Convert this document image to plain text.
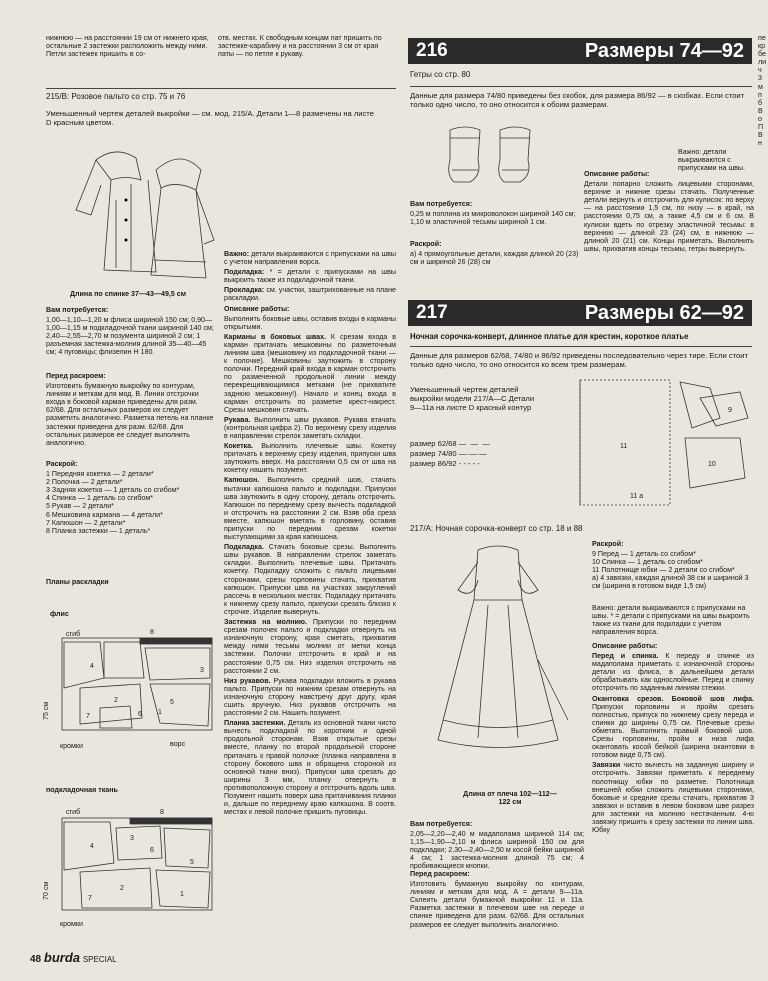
нижнюю — на расстоянии 19 см от нижнего края, остальные 2 застежки расположить между ними. Петли застежек пришить в со-
отв. местах. К свободным концам пат пришить по застежке-карабину и на расстоянии 3 см от края паты — по петле к рукаву.
215/B: Розовое пальто со стр. 75 и 76
Уменьшенный чертеж деталей выкройки — см. мод. 215/A. Детали 1—8 размечены на листе D красным цветом.
Длина по спинке 37—43—49,5 см

Вам потребуется:

1,00—1,10—1,20 м флиса шириной 150 см; 0,90—1,00—1,15 м подкладочной ткани шириной 140 см; 2,40—2,55—2,70 м позумента шириной 2 см; 1 разъемная застежка-молния длиной 35—40—45 см; 4 пуговицы; флизелин Н 180.

Перед раскроем:

Изготовить бумажную выкройку по контурам, линиям и меткам для мод. В. Линии отстрочки входа в боковой карман приведены для разм. 62/68. Для остальных размеров их следует разметить аналогично. Разметка петель на планке застежки приведена для разм. 62/68. Для остальных размеров ее следует выполнить аналогично.

Раскрой:

1 Передняя кокетка — 2 детали*
2 Полочка — 2 детали*
3 Задняя кокетка — 1 деталь со сгибом*
4 Спинка — 1 деталь со сгибом*
5 Рукав — 2 детали*
6 Мешковина кармана — 4 детали*
7 Капюшон — 2 детали*
8 Планка застежки — 1 деталь*
Планы раскладки
флис
сгиб
75 см
8
3
4
2	5
7	6 1
кромки	ворс
подкладочная ткань
сгиб
70 см
8
3
4
6
5
2
7
1
кромки

Важно: детали выкраиваются с припусками на швы с учетом направления ворса.

Подкладка: * = детали с припусками на швы выкроить также из подкладочной ткани.

Прокладка: см. участки, заштрихованные на плане раскладки.

Описание работы:

Выполнить боковые швы, оставив входы в карманы открытыми.

Карманы в боковых швах. К срезам входа в карман притачать мешковины по разметочным линиям шва (мешковину из подкладочной ткани — к полочке). Мешковины заутюжить в сторону полочки. Передний край входа в карман отстрочить по размеченной продольной линии между перекрещивающимися метками (не прихватите заднюю мешковину!). Начало и конец входа в карман отстрочить по разметке крест-накрест. Срезы мешковин стачать.

Рукава. Выполнить швы рукавов. Рукава втачать (контрольная цифра 2). По верхнему срезу изделия в направлении стрелок заметать складки.

Кокетка. Выполнить плечевые швы. Кокетку притачать к верхнему срезу изделия, припуски шва заутюжить вверх. На расстоянии 0,5 см от шва на кокетку нашить позумент.

Капюшон. Выполнить средний шов, стачать вытачки капюшона пальто и подкладки. Припуски шва заутюжить в одну сторону, деталь отстрочить. Капюшон по переднему срезу вычесть подкладкой и отстрочить на расстоянии 2 см. Взяв оба среза вместе, капюшон вметать в горловину, оставив припуски по передним срезам кокетки выступающими за края капюшона.

Подкладка. Стачать боковые срезы. Выполнить швы рукавов. В направлении стрелок заметать складки. Выполнить плечевые швы. Притачать кокетку. Подкладку сложить с пальто лицевыми сторонами, срезы горловины стачать, прихватив капюшон. Припуски шва на участках закруглений рассечь в нескольких местах. Подкладку притачать к нижнему срезу пальто, припуски срезать близко к строчке. Изделие вывернуть.

Застежка на молнию. Припуски по передним срезам полочек пальто и подкладки отвернуть на изнаночную сторону, края сметать, прихватив между ними тесьмы молнии от метки конца застежки. Полочки отстрочить в край и на расстоянии 0,75 см. Низ изделия отстрочить на расстоянии 2 см.

Низ рукавов. Рукава подкладки вложить в рукава пальто. Припуски по нижним срезам отвернуть на изнаночную сторону навстречу друг другу, края сшить вручную. Низ рукавов отстрочить на расстоянии 2 см. Нашить позумент.

Планка застежки. Деталь из основной ткани чисто вычесть подкладкой по коротким и одной продольной сторонам. Взяв открытые срезы вместе, планку по второй продольной стороне притачать к правой полочке (планка направлена в сторону бокового шва и обращена стороной из основной ткани вниз). Припуски шва срезать до ширины 3 мм, планку отвернуть в противоположную сторону и отстрочить вдоль шва. Позумент нашить поверх шва притачивания планки и, дальше по переднему краю капюшона. В соотв. местах к левой полочке пришить пуговицы.

216	Размеры 74—92
Гетры со стр. 80
Данные для размера 74/80 приведены без скобок, для размера 86/92 — в скобках. Если стоит только одно число, то оно относится к обоим размерам.
Важно: детали выкраиваются с припусками на швы.

Вам потребуется:

0,25 м поплина из микроволокон шириной 140 см; 1,10 м эластичной тесьмы шириной 1 см.

Раскрой:

а) 4 прямоугольные детали, каждая длиной 20 (23) см и шириной 26 (28) см

Описание работы:

Детали попарно сложить лицевыми сторонами, верхние и нижние срезы стачать. Полученные детали вернуть и отстрочить для кулисок: по верху — на расстоянии 1,5 см, по низу — в край, на расстоянии 0,75 см, а также 4,5 см и 6 см. В кулиски вдеть по отрезку эластичной тесьмы: в верхнюю — длиной 23 (24) см, в нижнюю — длиной 20 (21) см. Концы приметать. Выполнить швы, прихватив концы тесьмы, гетры вывернуть.

217	Размеры 62—92
Ночная сорочка-конверт, длинное платье для крестин, короткое платье
Данные для размеров 62/68, 74/80 и 86/92 приведены последовательно через тире. Если стоит только одно число, то оно относится ко всем трем размерам.
Уменьшенный чертеж деталей выкройки модели 217/А—С Детали 9—11а на листе D красный контур
размер 62/68 — — —
размер 74/80 —·—·—
размер 86/92 - - - - -
9
11
10
11 a
217/А: Ночная сорочка-конверт со стр. 18 и 88
Длина от плеча 102—112—122 см

Вам потребуется:

2,05—2,20—2,40 м мадаполама шириной 114 см; 1,15—1,90—2,10 м флиса шириной 150 см для подкладки; 2,30—2,40—2,50 м косой бейки шириной 4 см; 1 застежка-молния длиной 75 см; 4 пробивающиеся кнопки.

Перед раскроем:

Изготовить бумажную выкройку по контурам, линиям и меткам для мод. А = детали 9—11а. Склеить детали бумажной выкройки 11 и 11а. Разметка застежки в плечевом шве на переде и спинке приведена для разм. 62/68. Для остальных размеров ее следует выполнить аналогично.

Раскрой:

9 Перед — 1 деталь со сгибом*
10 Спинка — 1 деталь со сгибом*
11 Полотнище юбки — 2 детали со сгибом*
а) 4 завязки, каждая длиной 38 см и шириной 3 см (ширина в готовом виде 1,5 см)
Важно: детали выкраиваются с припусками на швы. * = детали с припусками на швы выкроить также из ткани для подкладки с учетом направления ворса.

Описание работы:

Перед и спинка. К переду и спинке из мадаполама приметать с изнаночной стороны детали из флиса, в дальнейшем детали обрабатывать как однослойные. Перед и спинку отстрочить по заданным линиям стежки.

Окантовка срезов. Боковой шов лифа. Припуски горловины и пройм срезать полностью, припуск по нижнему срезу переда и спинки до ширины 0,75 см. Плечевые срезы обметать. Выполнить правый боковой шов. Срезы горловины, пройм и низа лифа окантовать косой бейкой (ширина окантовки в готовом виде 0,75 см).

Завязки чисто вычесть на заданную ширину и отстрочить. Завязки приметать к переднему полотнищу юбки по разметке. Полотнища внешней юбки сложить лицевыми сторонами, боковые и средние срезы стачать, прихватив 3 завязки и оставив в левом боковом шве разрез для застежки на молнию нестачанным. 4-ю завязку пришить к срезу застежки по линии шва. Юбку

пе
кр
бе
ли
ч
3
м
п
б
В
о
П
В
н
48 burda SPECIAL
